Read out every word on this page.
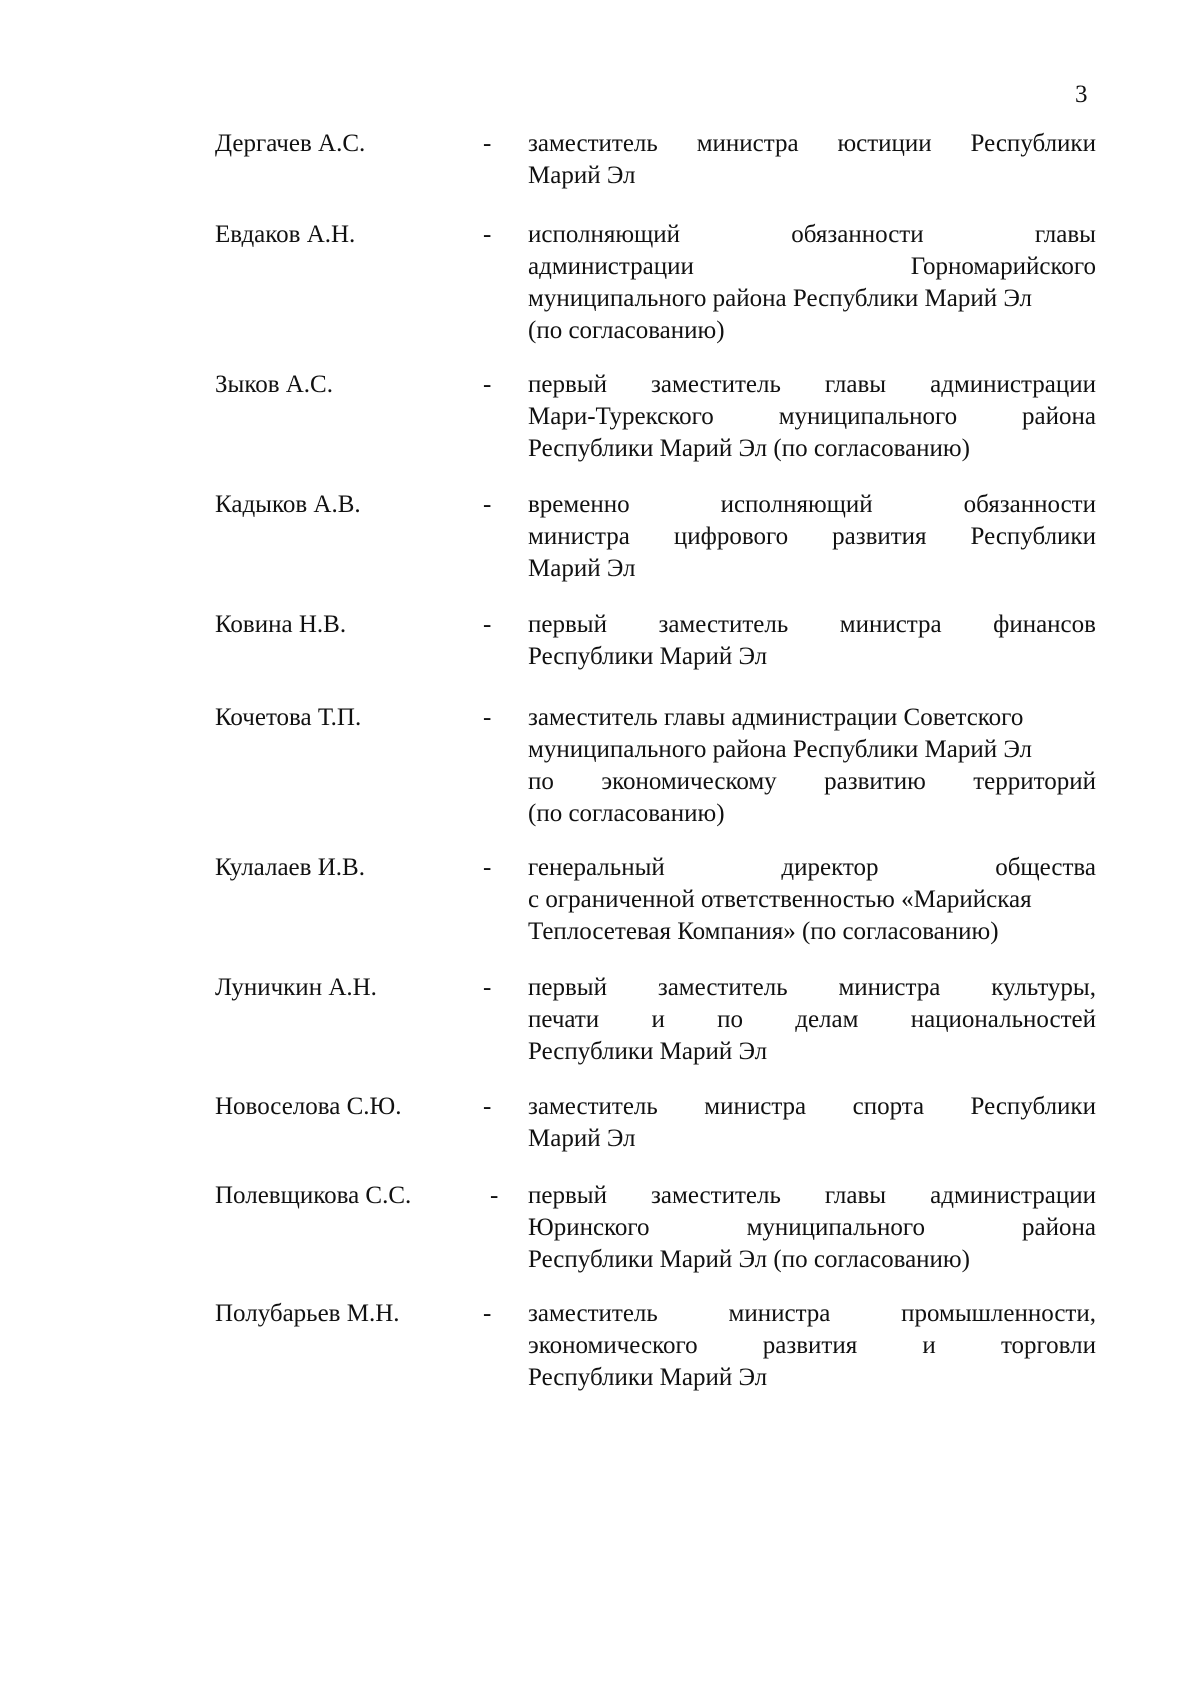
3
Дергачев А.С.	- заместитель министра юстиции Республики
Марий Эл
Евдаков А.Н.	- исполняющий	обязанности	главы
администрации	Горномарийского
муниципального района Республики Марий Эл
(по согласованию)
Зыков А.С.	- первый заместитель главы администрации
Мари-Турекского	муниципального	района
Республики Марий Эл (по согласованию)
Кадыков А.В.	- временно	исполняющий	обязанности
министра цифрового развития Республики
Марий Эл
Ковина Н.В.	- первый заместитель министра финансов
Республики Марий Эл
Кочетова Т.П.	- заместитель главы администрации Советского
муниципального района Республики Марий Эл
по экономическому развитию территорий
(по согласованию)
Кулалаев И.В.	- генеральный	директор	общества
с ограниченной ответственностью «Марийская
Теплосетевая Компания» (по согласованию)
Луничкин А.Н.	- первый заместитель министра культуры,
печати и по делам национальностей
Республики Марий Эл
Новоселова С.Ю.	- заместитель министра спорта Республики
Марий Эл
Полевщикова С.С.	- первый заместитель главы администрации
Юринского	муниципального	района
Республики Марий Эл (по согласованию)
Полубарьев М.Н.	- заместитель	министра	промышленности,
экономического	развития	и	торговли
Республики Марий Эл
